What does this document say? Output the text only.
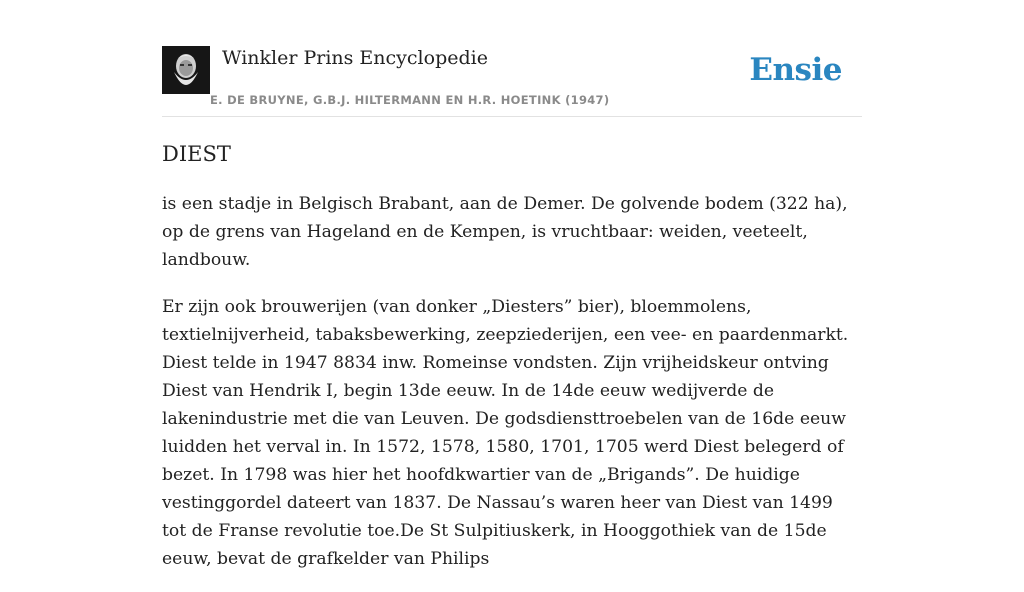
Winkler Prins Encyclopedie
E. DE BRUYNE, G.B.J. HILTERMANN EN H.R. HOETINK (1947)
Ensie
DIEST

is een stadje in Belgisch Brabant, aan de Demer. De golvende bodem (322 ha), op de grens van Hageland en de Kempen, is vruchtbaar: weiden, veeteelt, landbouw.

Er zijn ook brouwerijen (van donker „Diesters” bier), bloemmolens, textielnijverheid, tabaksbewerking, zeepziederijen, een vee- en paardenmarkt. Diest telde in 1947 8834 inw. Romeinse vondsten. Zijn vrijheidskeur ontving Diest van Hendrik I, begin 13de eeuw. In de 14de eeuw wedijverde de lakenindustrie met die van Leuven. De godsdiensttroebelen van de 16de eeuw luidden het verval in. In 1572, 1578, 1580, 1701, 1705 werd Diest belegerd of bezet. In 1798 was hier het hoofdkwartier van de „Brigands”. De huidige vestinggordel dateert van 1837. De Nassau’s waren heer van Diest van 1499 tot de Franse revolutie toe.De St Sulpitiuskerk, in Hooggothiek van de 15de eeuw, bevat de grafkelder van Philips
